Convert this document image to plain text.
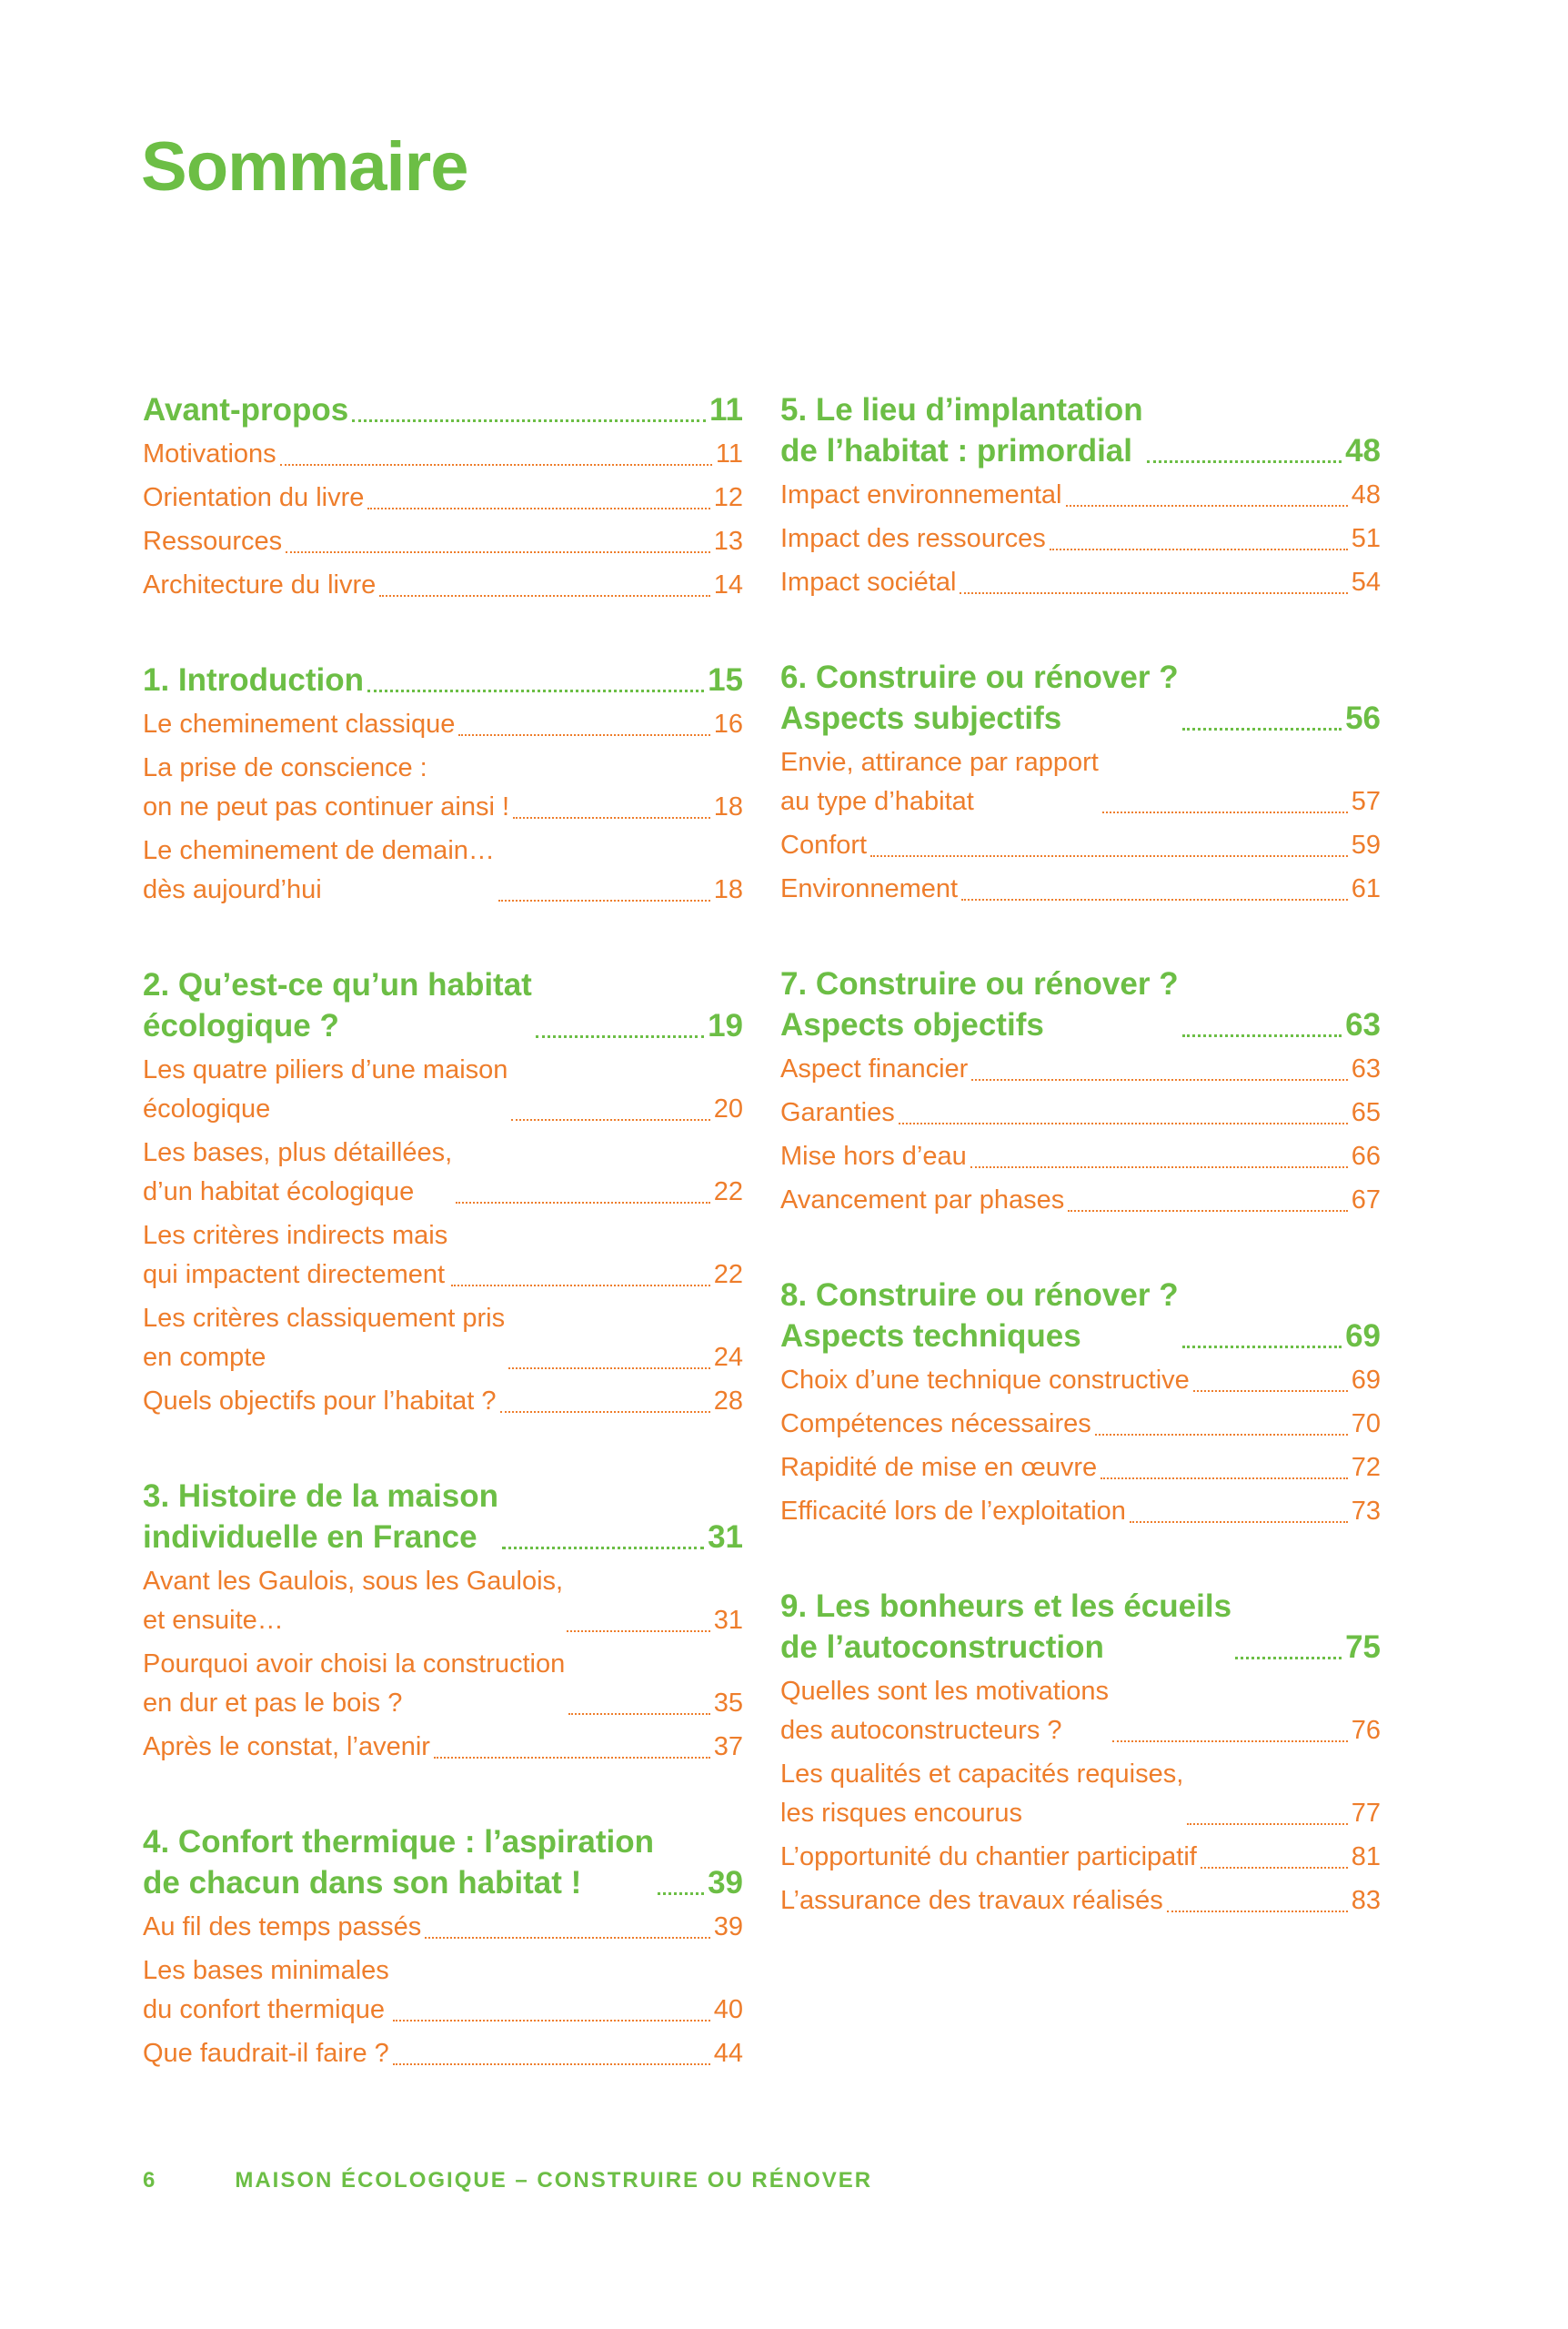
Sommaire
Avant-propos	11
Motivations	11
Orientation du livre	12
Ressources	13
Architecture du livre	14
1. Introduction	15
Le cheminement classique	16
La prise de conscience :
on ne peut pas continuer ainsi !	18
Le cheminement de demain…
dès aujourd’hui	18
2. Qu’est-ce qu’un habitat
écologique ?	19
Les quatre piliers d’une maison
écologique	20
Les bases, plus détaillées,
d’un habitat écologique	22
Les critères indirects mais
qui impactent directement	22
Les critères classiquement pris
en compte	24
Quels objectifs pour l’habitat ?	28
3. Histoire de la maison
individuelle en France	31
Avant les Gaulois, sous les Gaulois,
et ensuite…	31
Pourquoi avoir choisi la construction
en dur et pas le bois ?	35
Après le constat, l’avenir	37
4. Confort thermique : l’aspiration
de chacun dans son habitat !	39
Au fil des temps passés	39
Les bases minimales
du confort thermique	40
Que faudrait-il faire ?	44
5. Le lieu d’implantation
de l’habitat : primordial	48
Impact environnemental	48
Impact des ressources	51
Impact sociétal	54
6. Construire ou rénover ?
Aspects subjectifs	56
Envie, attirance par rapport
au type d’habitat	57
Confort	59
Environnement	61
7. Construire ou rénover ?
Aspects objectifs	63
Aspect financier	63
Garanties	65
Mise hors d’eau	66
Avancement par phases	67
8. Construire ou rénover ?
Aspects techniques	69
Choix d’une technique constructive	69
Compétences nécessaires	70
Rapidité de mise en œuvre	72
Efficacité lors de l’exploitation	73
9. Les bonheurs et les écueils
de l’autoconstruction	75
Quelles sont les motivations
des autoconstructeurs ?	76
Les qualités et capacités requises,
les risques encourus	77
L’opportunité du chantier participatif	81
L’assurance des travaux réalisés	83
6	MAISON ÉCOLOGIQUE – CONSTRUIRE OU RÉNOVER
